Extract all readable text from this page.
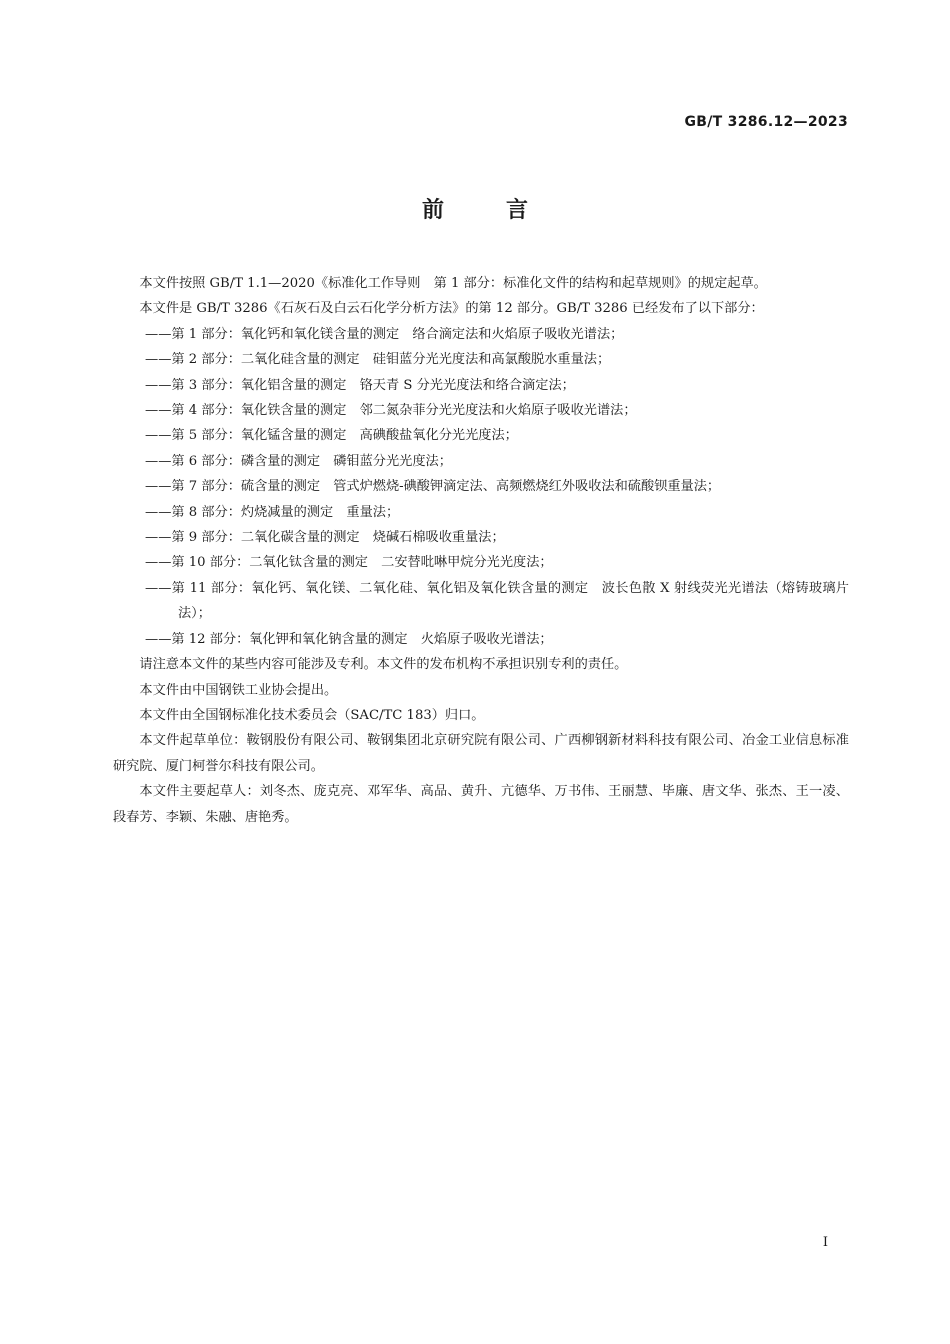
GB/T 3286.12—2023
前言

本文件按照 GB/T 1.1—2020《标准化工作导则　第 1 部分：标准化文件的结构和起草规则》的规定起草。

本文件是 GB/T 3286《石灰石及白云石化学分析方法》的第 12 部分。GB/T 3286 已经发布了以下部分：

——第 1 部分：氧化钙和氧化镁含量的测定　络合滴定法和火焰原子吸收光谱法；

——第 2 部分：二氧化硅含量的测定　硅钼蓝分光光度法和高氯酸脱水重量法；

——第 3 部分：氧化铝含量的测定　铬天青 S 分光光度法和络合滴定法；

——第 4 部分：氧化铁含量的测定　邻二氮杂菲分光光度法和火焰原子吸收光谱法；

——第 5 部分：氧化锰含量的测定　高碘酸盐氧化分光光度法；

——第 6 部分：磷含量的测定　磷钼蓝分光光度法；

——第 7 部分：硫含量的测定　管式炉燃烧-碘酸钾滴定法、高频燃烧红外吸收法和硫酸钡重量法；

——第 8 部分：灼烧减量的测定　重量法；

——第 9 部分：二氧化碳含量的测定　烧碱石棉吸收重量法；

——第 10 部分：二氧化钛含量的测定　二安替吡啉甲烷分光光度法；

——第 11 部分：氧化钙、氧化镁、二氧化硅、氧化铝及氧化铁含量的测定　波长色散 X 射线荧光光谱法（熔铸玻璃片法）；

——第 12 部分：氧化钾和氧化钠含量的测定　火焰原子吸收光谱法；

请注意本文件的某些内容可能涉及专利。本文件的发布机构不承担识别专利的责任。

本文件由中国钢铁工业协会提出。

本文件由全国钢标准化技术委员会（SAC/TC 183）归口。

本文件起草单位：鞍钢股份有限公司、鞍钢集团北京研究院有限公司、广西柳钢新材料科技有限公司、冶金工业信息标准研究院、厦门柯誉尔科技有限公司。

本文件主要起草人：刘冬杰、庞克亮、邓军华、高品、黄升、亢德华、万书伟、王丽慧、毕廉、唐文华、张杰、王一凌、段春芳、李颖、朱融、唐艳秀。

I
